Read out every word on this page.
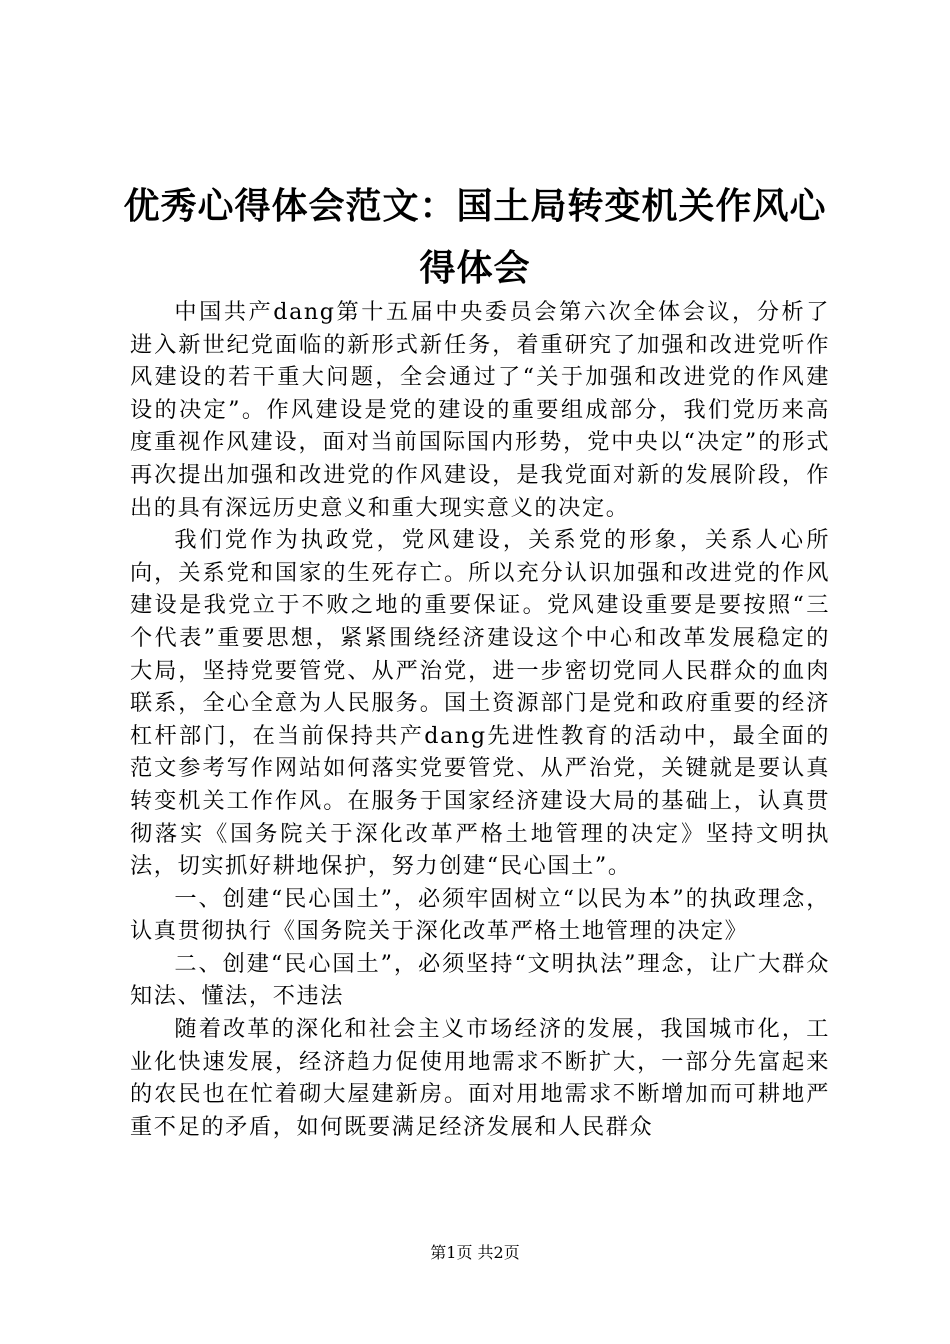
优秀心得体会范文：国土局转变机关作风心得体会

中国共产dang第十五届中央委员会第六次全体会议，分析了进入新世纪党面临的新形式新任务，着重研究了加强和改进党听作风建设的若干重大问题，全会通过了“关于加强和改进党的作风建设的决定”。作风建设是党的建设的重要组成部分，我们党历来高度重视作风建设，面对当前国际国内形势，党中央以“决定”的形式再次提出加强和改进党的作风建设，是我党面对新的发展阶段，作出的具有深远历史意义和重大现实意义的决定。

我们党作为执政党，党风建设，关系党的形象，关系人心所向，关系党和国家的生死存亡。所以充分认识加强和改进党的作风建设是我党立于不败之地的重要保证。党风建设重要是要按照“三个代表”重要思想，紧紧围绕经济建设这个中心和改革发展稳定的大局，坚持党要管党、从严治党，进一步密切党同人民群众的血肉联系，全心全意为人民服务。国土资源部门是党和政府重要的经济杠杆部门，在当前保持共产dang先进性教育的活动中，最全面的范文参考写作网站如何落实党要管党、从严治党，关键就是要认真转变机关工作作风。在服务于国家经济建设大局的基础上，认真贯彻落实《国务院关于深化改革严格土地管理的决定》坚持文明执法，切实抓好耕地保护，努力创建“民心国土”。

一、创建“民心国土”，必须牢固树立“以民为本”的执政理念，认真贯彻执行《国务院关于深化改革严格土地管理的决定》

二、创建“民心国土”，必须坚持“文明执法”理念，让广大群众知法、懂法，不违法

随着改革的深化和社会主义市场经济的发展，我国城市化，工业化快速发展，经济趋力促使用地需求不断扩大，一部分先富起来的农民也在忙着砌大屋建新房。面对用地需求不断增加而可耕地严重不足的矛盾，如何既要满足经济发展和人民群众

第1页 共2页
